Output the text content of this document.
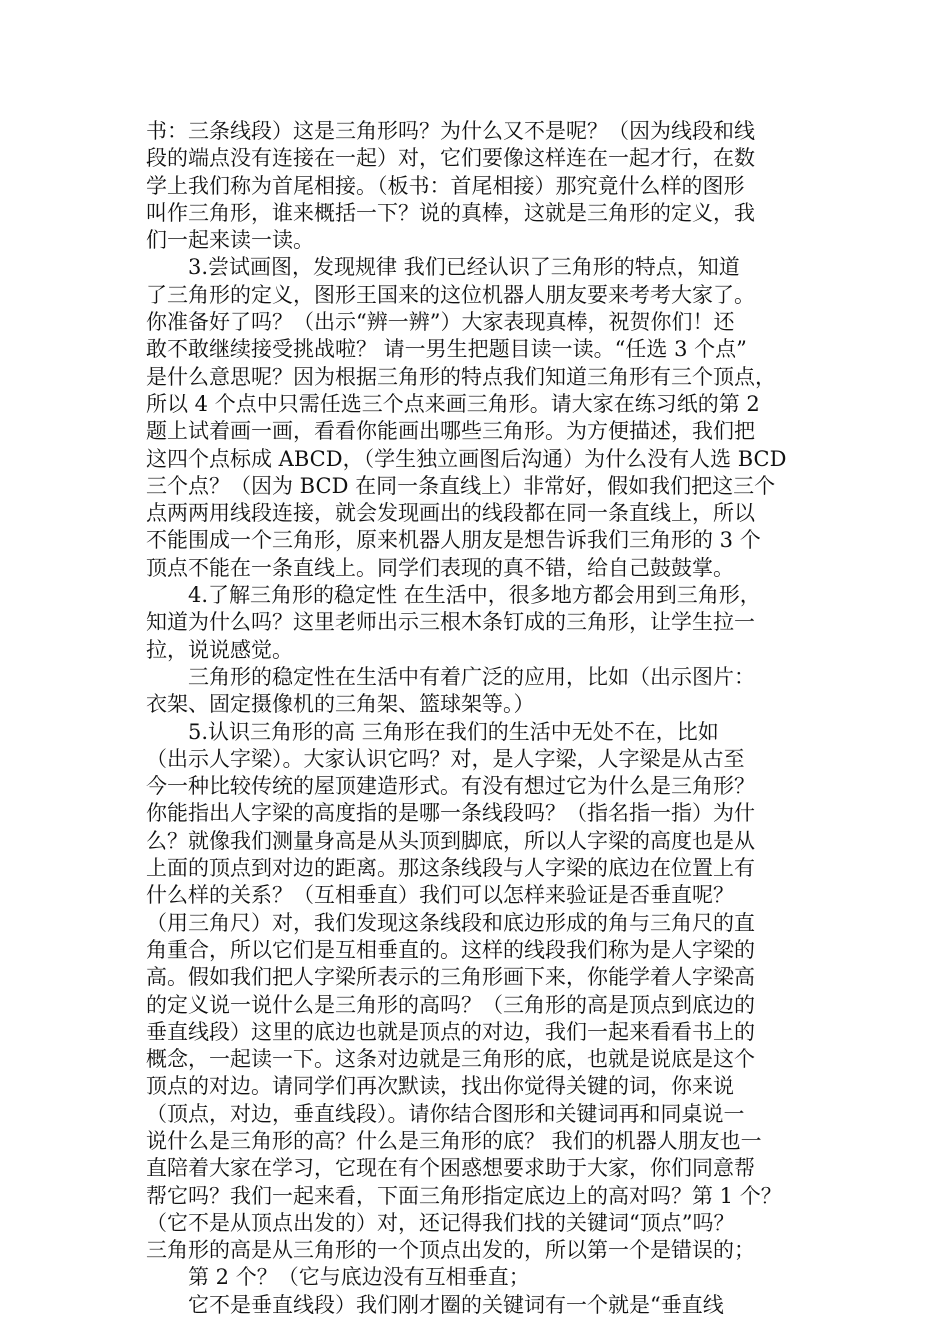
书：三条线段）这是三角形吗？为什么又不是呢？（因为线段和线
段的端点没有连接在一起）对，它们要像这样连在一起才行，在数
学上我们称为首尾相接。（板书：首尾相接）那究竟什么样的图形
叫作三角形，谁来概括一下？说的真棒，这就是三角形的定义，我
们一起来读一读。
　　3.尝试画图，发现规律 我们已经认识了三角形的特点，知道
了三角形的定义，图形王国来的这位机器人朋友要来考考大家了。
你准备好了吗？（出示“辨一辨”）大家表现真棒，祝贺你们！还
敢不敢继续接受挑战啦？ 请一男生把题目读一读。“任选 3 个点”
是什么意思呢？因为根据三角形的特点我们知道三角形有三个顶点，
所以 4 个点中只需任选三个点来画三角形。请大家在练习纸的第 2
题上试着画一画，看看你能画出哪些三角形。为方便描述，我们把
这四个点标成 ABCD，（学生独立画图后沟通）为什么没有人选 BCD
三个点？（因为 BCD 在同一条直线上）非常好，假如我们把这三个
点两两用线段连接，就会发现画出的线段都在同一条直线上，所以
不能围成一个三角形，原来机器人朋友是想告诉我们三角形的 3 个
顶点不能在一条直线上。同学们表现的真不错，给自己鼓鼓掌。
　　4.了解三角形的稳定性 在生活中，很多地方都会用到三角形，
知道为什么吗？这里老师出示三根木条钉成的三角形，让学生拉一
拉，说说感觉。
　　三角形的稳定性在生活中有着广泛的应用，比如（出示图片：
衣架、固定摄像机的三角架、篮球架等。）
　　5.认识三角形的高 三角形在我们的生活中无处不在，比如
（出示人字梁）。大家认识它吗？对，是人字梁，人字梁是从古至
今一种比较传统的屋顶建造形式。有没有想过它为什么是三角形？
你能指出人字梁的高度指的是哪一条线段吗？（指名指一指）为什
么？就像我们测量身高是从头顶到脚底，所以人字梁的高度也是从
上面的顶点到对边的距离。那这条线段与人字梁的底边在位置上有
什么样的关系？（互相垂直）我们可以怎样来验证是否垂直呢？
（用三角尺）对，我们发现这条线段和底边形成的角与三角尺的直
角重合，所以它们是互相垂直的。这样的线段我们称为是人字梁的
高。假如我们把人字梁所表示的三角形画下来，你能学着人字梁高
的定义说一说什么是三角形的高吗？（三角形的高是顶点到底边的
垂直线段）这里的底边也就是顶点的对边，我们一起来看看书上的
概念，一起读一下。这条对边就是三角形的底，也就是说底是这个
顶点的对边。请同学们再次默读，找出你觉得关键的词，你来说
（顶点，对边，垂直线段）。请你结合图形和关键词再和同桌说一
说什么是三角形的高？什么是三角形的底？ 我们的机器人朋友也一
直陪着大家在学习，它现在有个困惑想要求助于大家，你们同意帮
帮它吗？我们一起来看，下面三角形指定底边上的高对吗？第 1 个？
（它不是从顶点出发的）对，还记得我们找的关键词“顶点”吗？
三角形的高是从三角形的一个顶点出发的，所以第一个是错误的；
　　第 2 个？（它与底边没有互相垂直；
　　它不是垂直线段）我们刚才圈的关键词有一个就是“垂直线
